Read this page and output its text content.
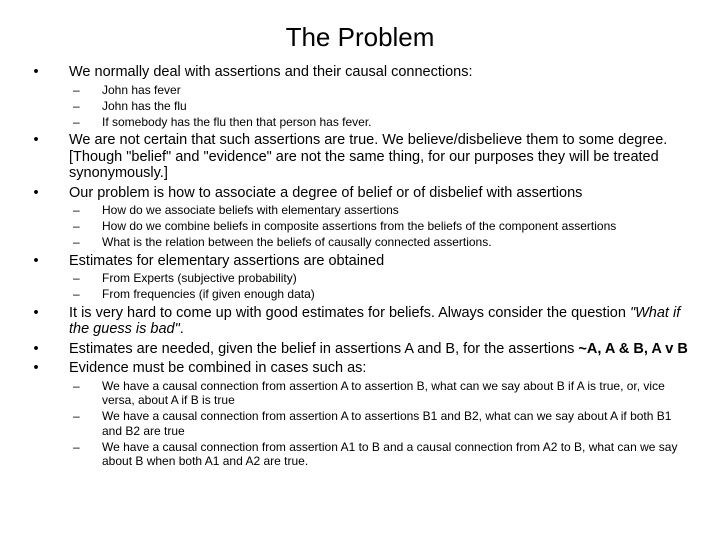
The Problem
• We normally deal with assertions and their causal connections:
– John has fever
– John has the flu
– If somebody has the flu then that person has fever.
• We are not certain that such assertions are true. We believe/disbelieve them to some degree. [Though "belief" and "evidence" are not the same thing, for our purposes they will be treated synonymously.]
• Our problem is how to associate a degree of belief or of disbelief with assertions
– How do we associate beliefs with elementary assertions
– How do we combine beliefs in composite assertions from the beliefs of the component assertions
– What is the relation between the beliefs of causally connected assertions.
• Estimates for elementary assertions are obtained
– From Experts (subjective probability)
– From frequencies (if given enough data)
• It is very hard to come up with good estimates for beliefs. Always consider the question "What if the guess is bad".
• Estimates are needed, given the belief in assertions A and B, for the assertions ~A, A & B, A v B
• Evidence must be combined in cases such as:
– We have a causal connection from assertion A to assertion B, what can we say about B if A is true, or, vice versa, about A if B is true
– We have a causal connection from assertion A to assertions B1 and B2, what can we say about A if both B1 and B2 are true
– We have a causal connection from assertion A1 to B and a causal connection from A2 to B, what can we say about B when both A1 and A2 are true.
